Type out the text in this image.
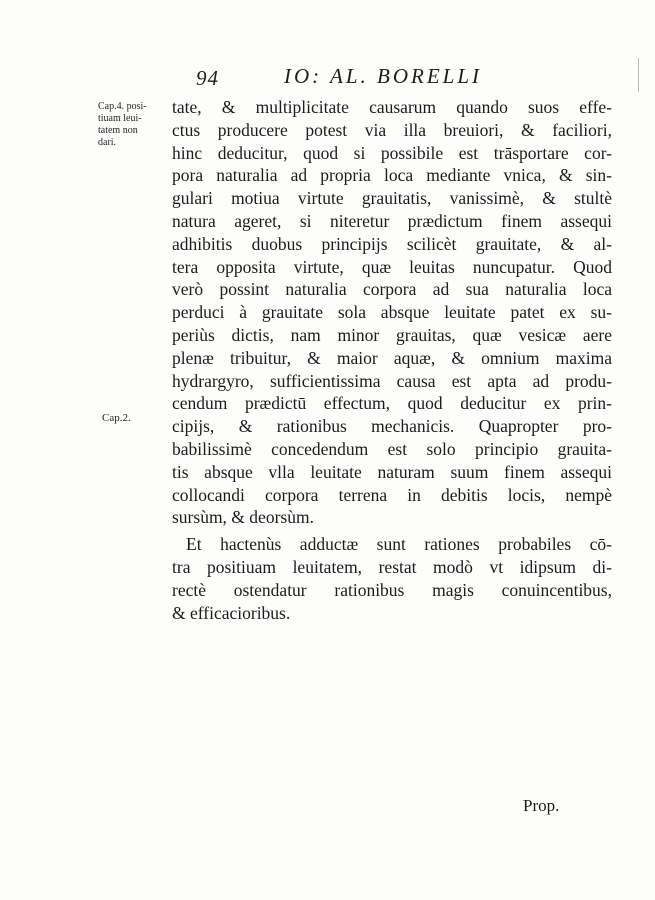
94	IO: AL. BORELLI
Cap.4. posi-
tiuam leui-
tatem non
dari.
Cap.2.
tate, & multiplicitate causarum quando suos effe-
ctus producere potest via illa breuiori, & faciliori,
hinc deducitur, quod si possibile est trāsportare cor-
pora naturalia ad propria loca mediante vnica, & sin-
gulari motiua virtute grauitatis, vanissimè, & stultè
natura ageret, si niteretur prædictum finem assequi
adhibitis duobus principijs scilicèt grauitate, & al-
tera opposita virtute, quæ leuitas nuncupatur. Quod
verò possint naturalia corpora ad sua naturalia loca
perduci à grauitate sola absque leuitate patet ex su-
periùs dictis, nam minor grauitas, quæ vesicæ aere
plenæ tribuitur, & maior aquæ, & omnium maxima
hydrargyro, sufficientissima causa est apta ad produ-
cendum prædictū effectum, quod deducitur ex prin-
cipijs, & rationibus mechanicis. Quapropter pro-
babilissimè concedendum est solo principio grauita-
tis absque vlla leuitate naturam suum finem assequi
collocandi corpora terrena in debitis locis, nempè
sursùm, & deorsùm.
Et hactenùs adductæ sunt rationes probabiles cō-
tra positiuam leuitatem, restat modò vt idipsum di-
rectè ostendatur rationibus magis conuincentibus,
& efficacioribus.
Prop.
